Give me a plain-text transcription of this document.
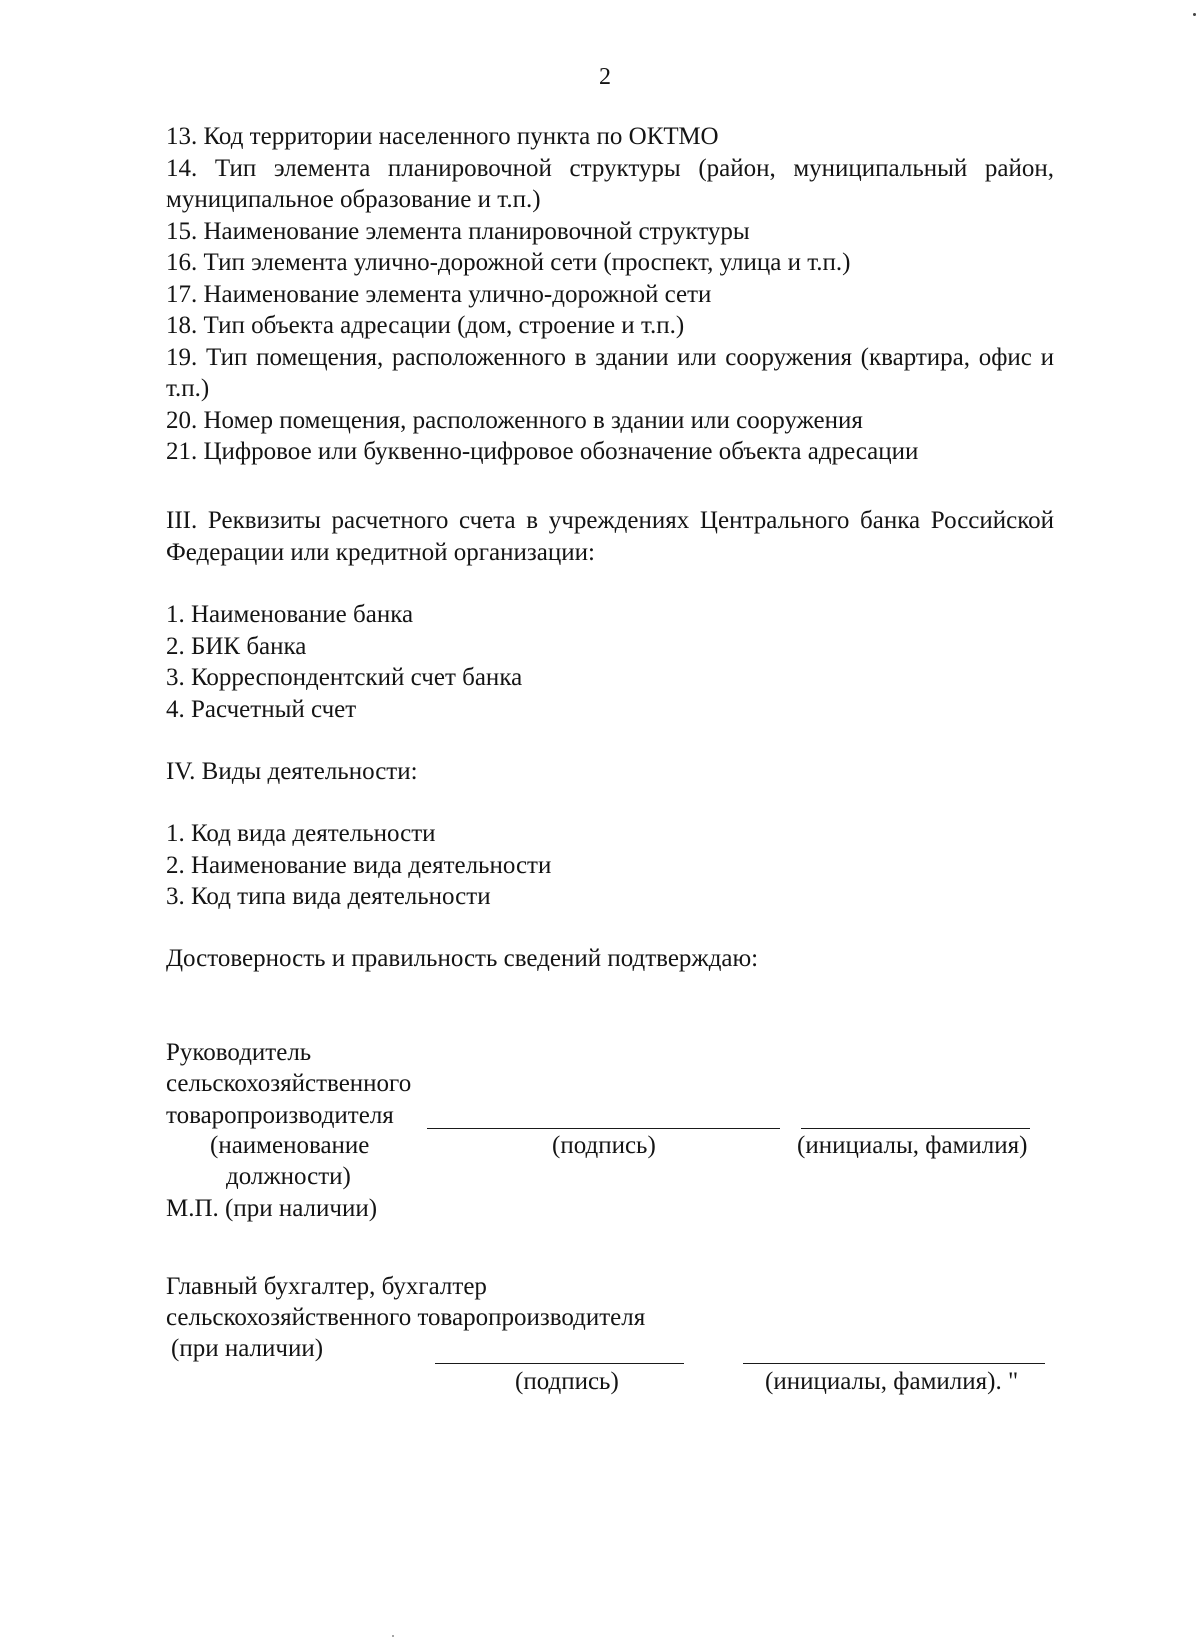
2

13. Код территории населенного пункта по ОКТМО

14. Тип элемента планировочной структуры (район, муниципальный район, муниципальное образование и т.п.)

15. Наименование элемента планировочной структуры

16. Тип элемента улично-дорожной сети (проспект, улица и т.п.)

17. Наименование элемента улично-дорожной сети

18. Тип объекта адресации (дом, строение и т.п.)

19. Тип помещения, расположенного в здании или сооружения (квартира, офис и т.п.)

20. Номер помещения, расположенного в здании или сооружения

21. Цифровое или буквенно-цифровое обозначение объекта адресации

III. Реквизиты расчетного счета в учреждениях Центрального банка Российской Федерации или кредитной организации:

1. Наименование банка

2. БИК банка

3. Корреспондентский счет банка

4. Расчетный счет

IV. Виды деятельности:

1. Код вида деятельности

2. Наименование вида деятельности

3. Код типа вида деятельности

Достоверность и правильность сведений подтверждаю:

Руководитель

сельскохозяйственного

товаропроизводителя

(наименование

должности)

(подпись)	(инициалы, фамилия)

М.П. (при наличии)

Главный бухгалтер, бухгалтер

сельскохозяйственного товаропроизводителя

(при наличии)

(подпись)	(инициалы, фамилия). "
